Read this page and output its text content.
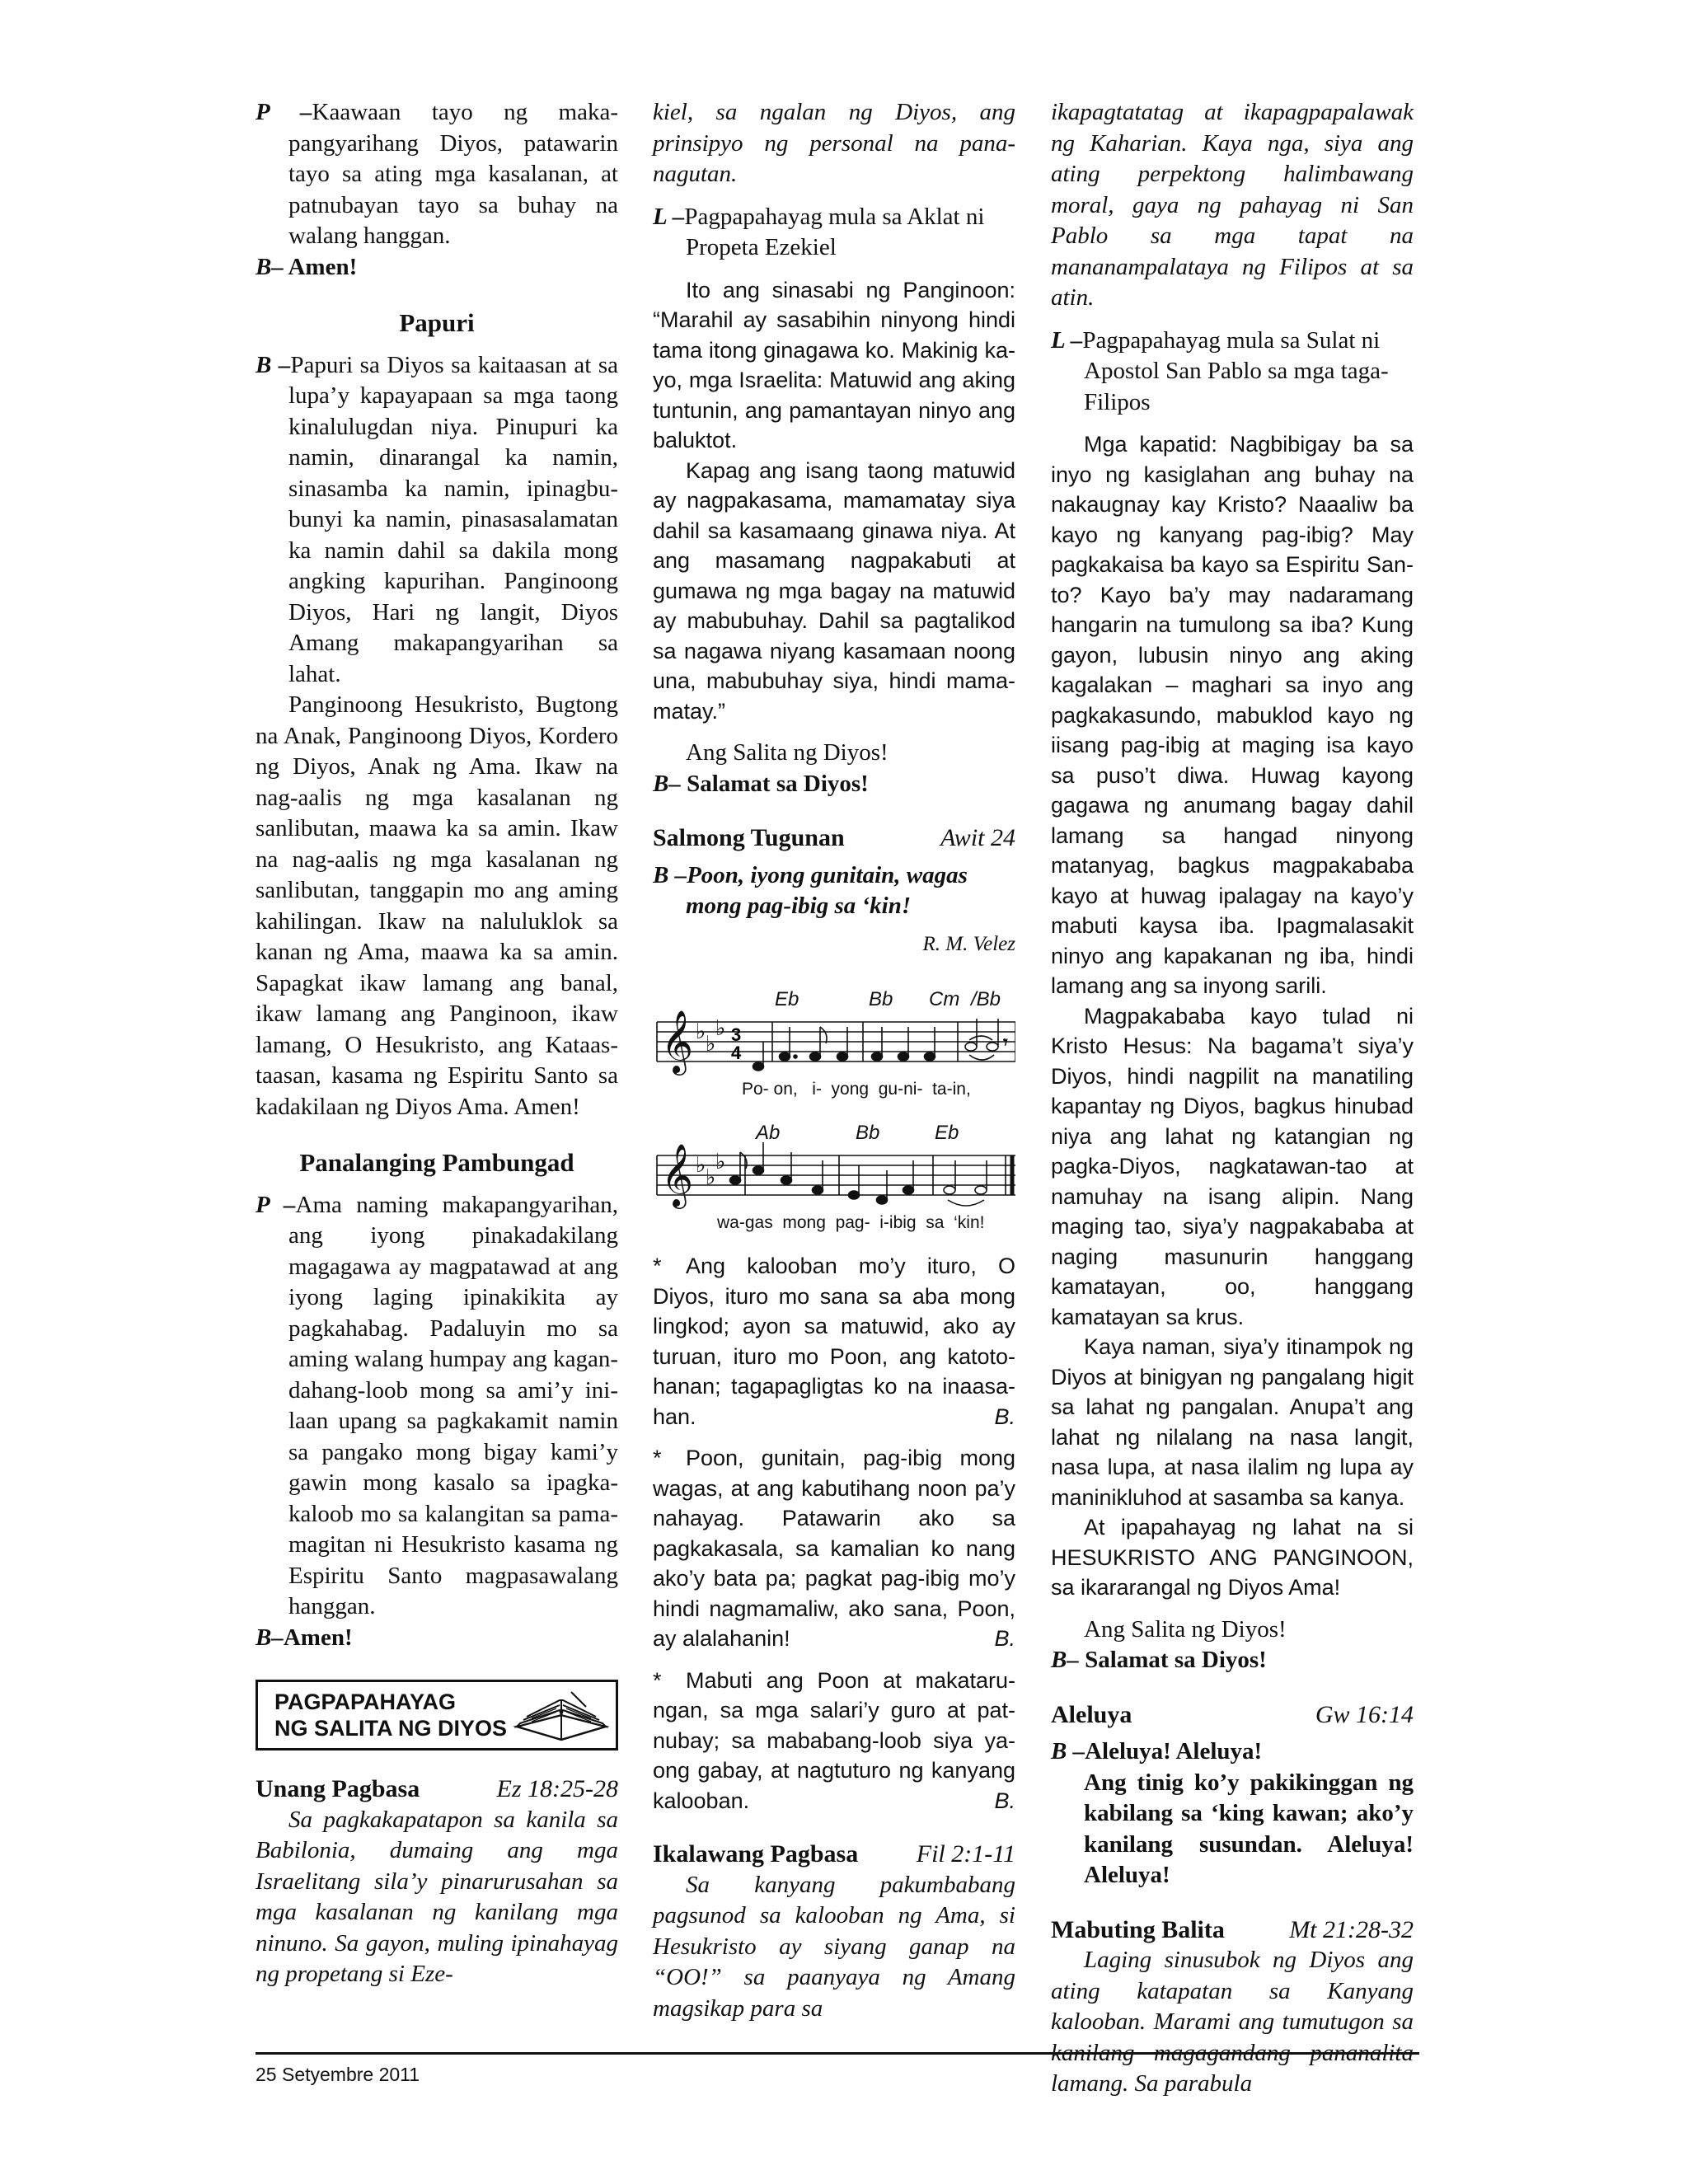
P –Kaawaan tayo ng makapangyarihang Diyos, patawarin tayo sa ating mga kasalanan, at patnubayan tayo sa buhay na walang hanggan.

B– Amen!

Papuri

B –Papuri sa Diyos sa kaitaasan at sa lupa’y kapayapaan sa mga taong kinalulugdan niya. Pinupuri ka namin, dinarangal ka namin, sinasamba ka namin, ipinagbubunyi ka namin, pinasasalamatan ka namin dahil sa dakila mong angking kapurihan. Panginoong Diyos, Hari ng langit, Diyos Amang makapangyarihan sa lahat.

Panginoong Hesukristo, Bugtong na Anak, Panginoong Diyos, Kordero ng Diyos, Anak ng Ama. Ikaw na nag-aalis ng mga kasalanan ng sanlibutan, maawa ka sa amin. Ikaw na nag-aalis ng mga kasalanan ng sanlibutan, tanggapin mo ang aming kahilingan. Ikaw na naluluklok sa kanan ng Ama, maawa ka sa amin. Sapagkat ikaw lamang ang banal, ikaw lamang ang Panginoon, ikaw lamang, O Hesukristo, ang Kataas-taasan, kasama ng Espiritu Santo sa kadakilaan ng Diyos Ama. Amen!

Panalanging Pambungad

P –Ama naming makapangyarihan, ang iyong pinakadakilang magagawa ay magpatawad at ang iyong laging ipinakikita ay pagkahabag. Padaluyin mo sa aming walang humpay ang kagandahang-loob mong sa ami’y inilaan upang sa pagkakamit namin sa pangako mong bigay kami’y gawin mong kasalo sa ipagkakaloob mo sa kalangitan sa pamamagitan ni Hesukristo kasama ng Espiritu Santo magpasawalang hanggan.

B–Amen!

PAGPAPAHAYAG
NG SALITA NG DIYOS
Unang Pagbasa	Ez 18:25-28

Sa pagkakapatapon sa kanila sa Babilonia, dumaing ang mga Israelitang sila’y pinarurusahan sa mga kasalanan ng kanilang mga ninuno. Sa gayon, muling ipinahayag ng propetang si Eze-

kiel, sa ngalan ng Diyos, ang prinsipyo ng personal na pananagutan.

L –Pagpapahayag mula sa Aklat ni Propeta Ezekiel

Ito ang sinasabi ng Panginoon: “Marahil ay sasabihin ninyong hindi tama itong ginagawa ko. Makinig kayo, mga Israelita: Matuwid ang aking tuntunin, ang pamantayan ninyo ang baluktot.

Kapag ang isang taong matuwid ay nagpakasama, mamamatay siya dahil sa kasamaang ginawa niya. At ang masamang nagpakabuti at gumawa ng mga bagay na matuwid ay mabubuhay. Dahil sa pagtalikod sa nagawa niyang kasamaan noong una, mabubuhay siya, hindi mamamatay.”

Ang Salita ng Diyos!

B– Salamat sa Diyos!

Salmong Tugunan	Awit 24

B –Poon, iyong gunitain, wagas mong pag-ibig sa ‘kin!

R. M. Velez

𝄞 ♭ ♭
♭ 3
4	𝄾
Eb	Bb Cm /Bb
Po- on,   i-  yong  gu-ni-  ta-in,
𝄞 ♭ ♭
♭
Ab	Bb	Eb
wa-gas  mong  pag-  i-ibig  sa  ‘kin!
*	Ang kalooban mo’y ituro, O Diyos, ituro mo sana sa aba mong lingkod; ayon sa matuwid, ako ay turuan, ituro mo Poon, ang katotohanan; tagapagligtas ko na inaasahan.	B.

*	Poon, gunitain, pag-ibig mong wagas, at ang kabutihang noon pa’y nahayag. Patawarin ako sa pagkakasala, sa kamalian ko nang ako’y bata pa; pagkat pag-ibig mo’y hindi nagmamaliw, ako sana, Poon, ay alalahanin!	B.

*	Mabuti ang Poon at makatarungan, sa mga salari’y guro at patnubay; sa mababang-loob siya yaong gabay, at nagtuturo ng kanyang kalooban.	B.

Ikalawang Pagbasa Fil 2:1-11

Sa kanyang pakumbabang pagsunod sa kalooban ng Ama, si Hesukristo ay siyang ganap na “OO!” sa paanyaya ng Amang magsikap para sa

ikapagtatatag at ikapagpapalawak ng Kaharian. Kaya nga, siya ang ating perpektong halimbawang moral, gaya ng pahayag ni San Pablo sa mga tapat na mananampalataya ng Filipos at sa atin.

L –Pagpapahayag mula sa Sulat ni Apostol San Pablo sa mga taga-Filipos

Mga kapatid: Nagbibigay ba sa inyo ng kasiglahan ang buhay na nakaugnay kay Kristo? Naaaliw ba kayo ng kanyang pag-ibig? May pagkakaisa ba kayo sa Espiritu Santo? Kayo ba’y may nadaramang hangarin na tumulong sa iba? Kung gayon, lubusin ninyo ang aking kagalakan – maghari sa inyo ang pagkakasundo, mabuklod kayo ng iisang pag-ibig at maging isa kayo sa puso’t diwa. Huwag kayong gagawa ng anumang bagay dahil lamang sa hangad ninyong matanyag, bagkus magpakababa kayo at huwag ipalagay na kayo’y mabuti kaysa iba. Ipagmalasakit ninyo ang kapakanan ng iba, hindi lamang ang sa inyong sarili.

Magpakababa kayo tulad ni Kristo Hesus: Na bagama’t siya’y Diyos, hindi nagpilit na manatiling kapantay ng Diyos, bagkus hinubad niya ang lahat ng katangian ng pagka-Diyos, nagkatawan-tao at namuhay na isang alipin. Nang maging tao, siya’y nagpakababa at naging masunurin hanggang kamatayan, oo, hanggang kamatayan sa krus.

Kaya naman, siya’y itinampok ng Diyos at binigyan ng pangalang higit sa lahat ng pangalan. Anupa’t ang lahat ng nilalang na nasa langit, nasa lupa, at nasa ilalim ng lupa ay maninikluhod at sasamba sa kanya.

At ipapahayag ng lahat na si HESUKRISTO ANG PANGINOON, sa ikararangal ng Diyos Ama!

Ang Salita ng Diyos!

B– Salamat sa Diyos!

Aleluya	Gw 16:14

B –Aleluya! Aleluya!

Ang tinig ko’y pakikinggan ng kabilang sa ‘king kawan; ako’y kanilang susundan. Aleluya! Aleluya!

Mabuting Balita	Mt 21:28-32

Laging sinusubok ng Diyos ang ating katapatan sa Kanyang kalooban. Marami ang tumutugon sa kanilang magagandang pananalita lamang. Sa parabula

25 Setyembre 2011
